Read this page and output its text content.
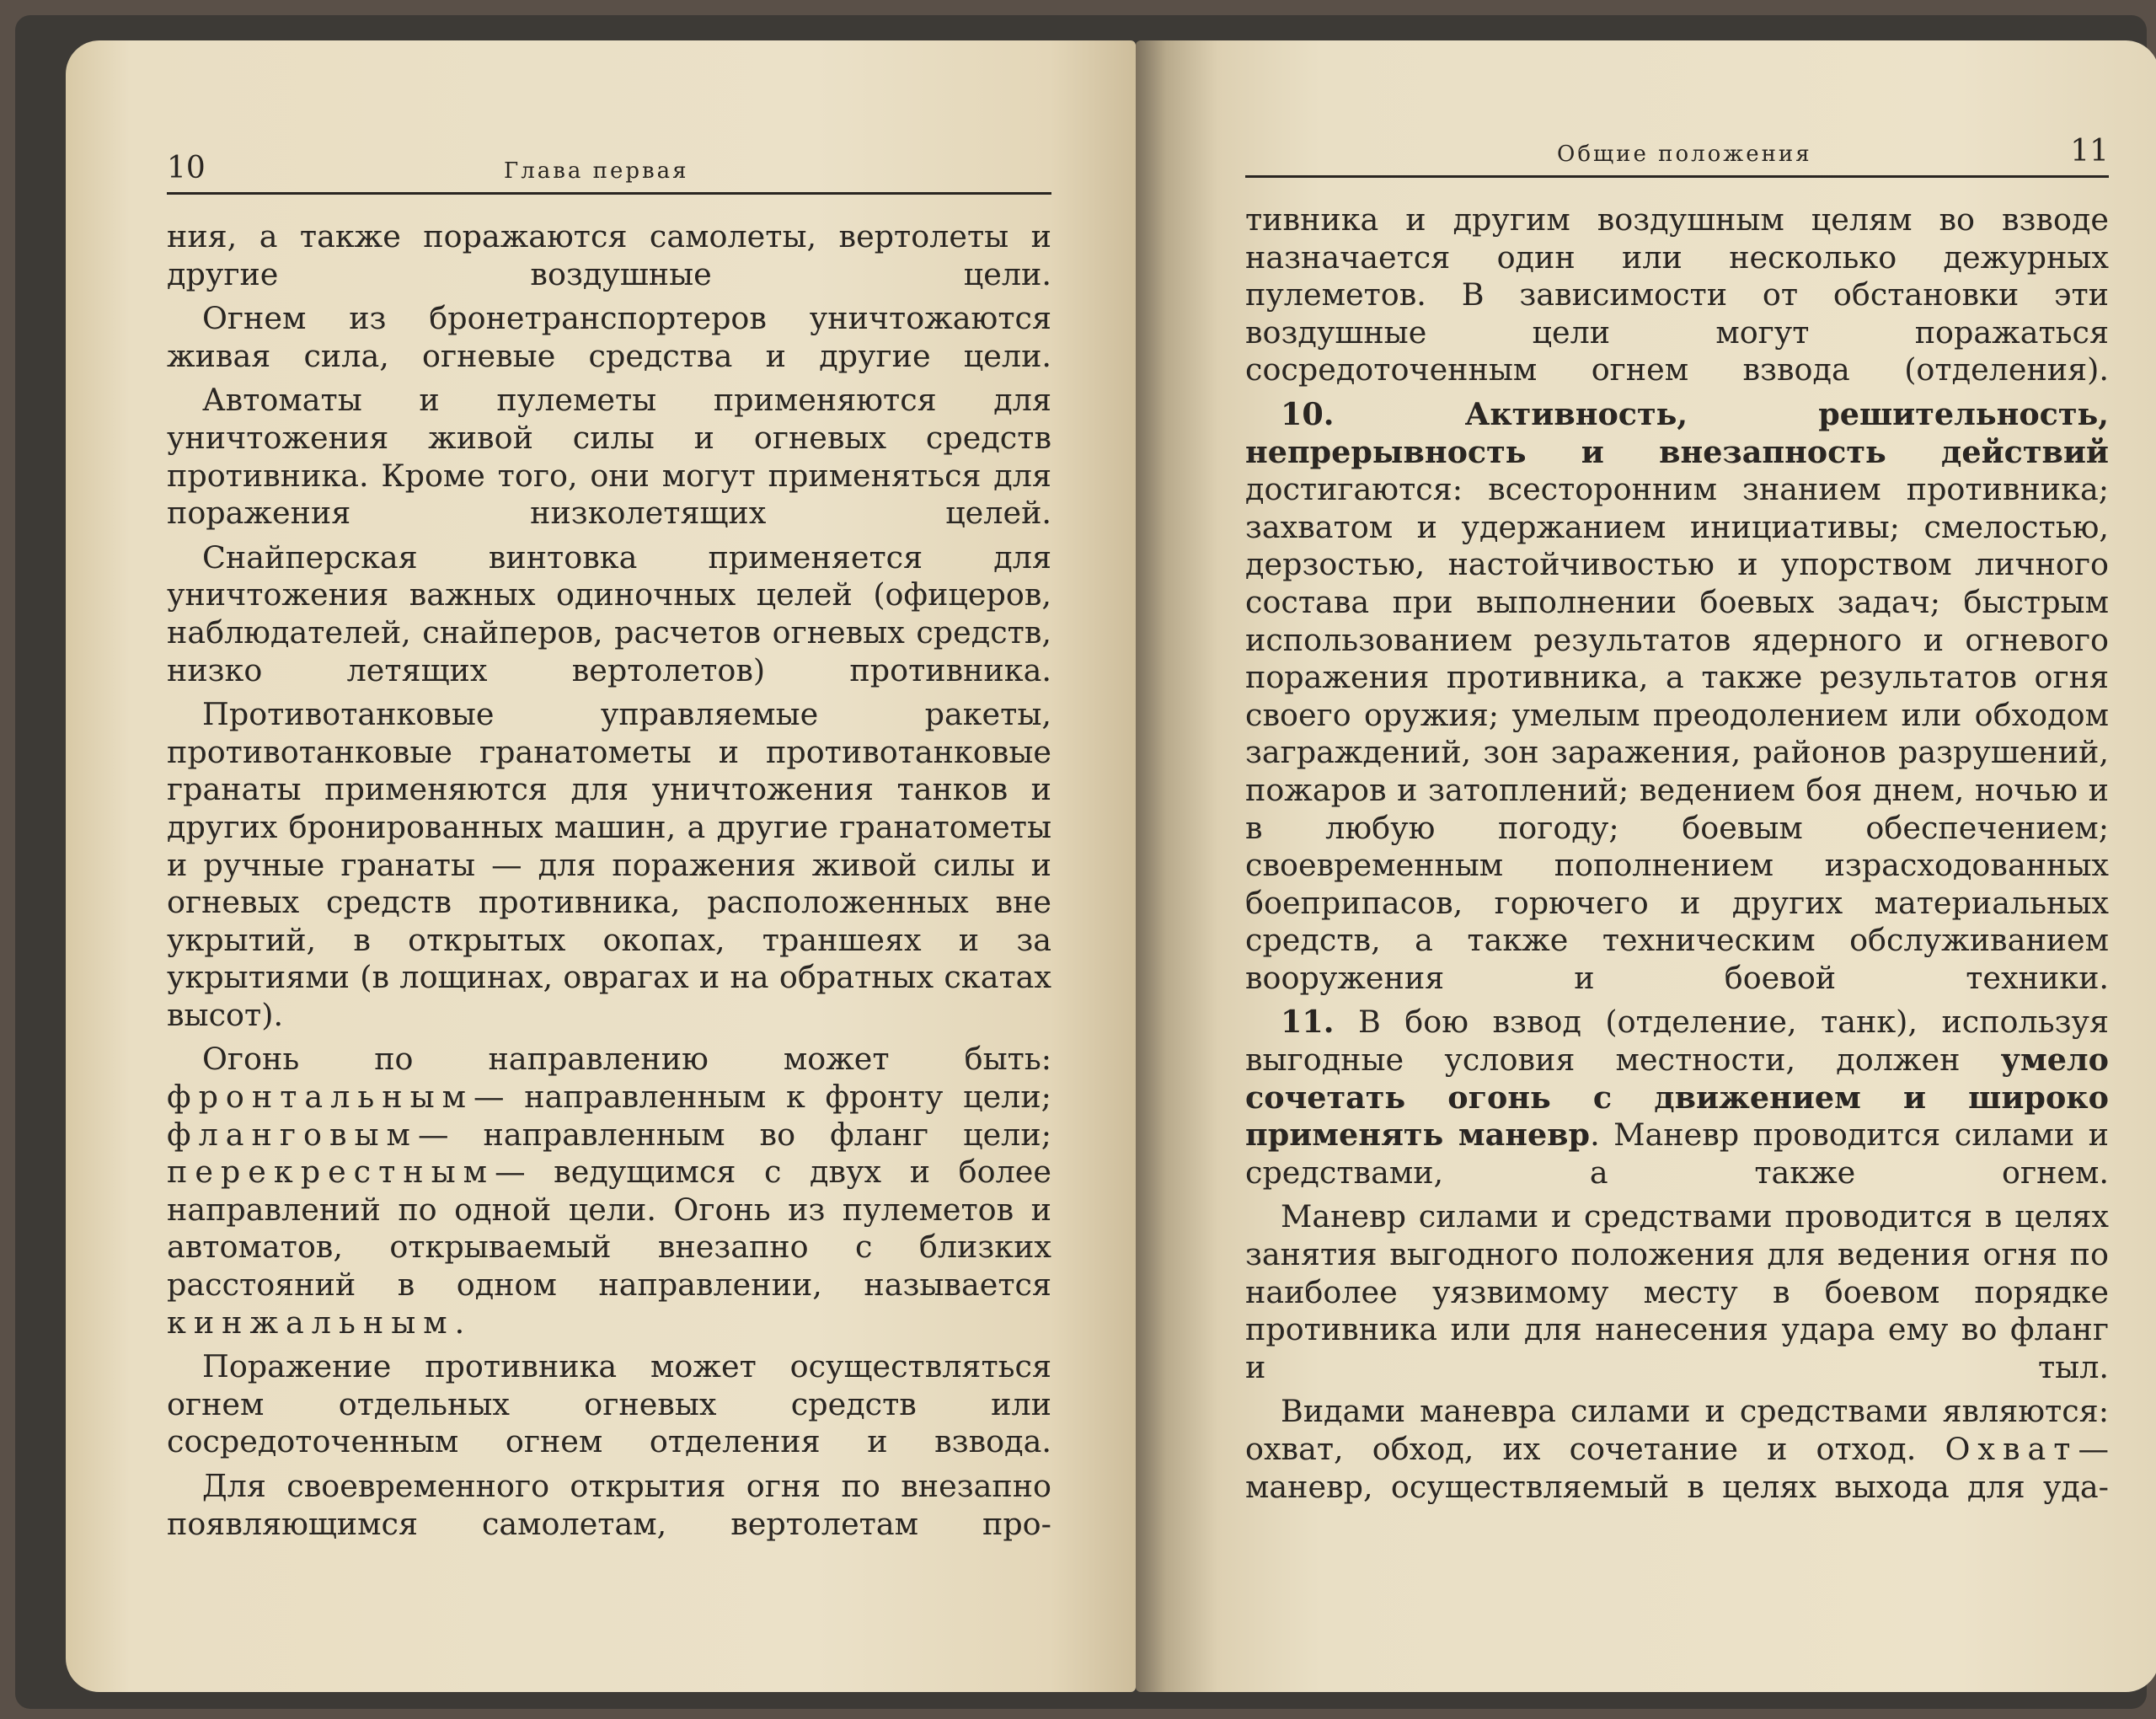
10	Глава первая

ния, а также поражаются самолеты, вертолеты и другие воздушные цели.

Огнем из бронетранспортеров уничтожаются живая сила, огневые средства и другие цели.

Автоматы и пулеметы применяются для уничтожения живой силы и огневых средств противника. Кроме того, они могут применяться для поражения низколетящих целей.

Снайперская винтовка применяется для уничтожения важных одиночных целей (офицеров, наблюдателей, снайперов, расчетов огневых средств, низко летящих вертолетов) противника.

Противотанковые управляемые ракеты, противотанковые гранатометы и противотанковые гранаты применяются для уничтожения танков и других бронированных машин, а другие гранатометы и ручные гранаты — для поражения живой силы и огневых средств противника, расположенных вне укрытий, в открытых окопах, траншеях и за укрытиями (в лощинах, оврагах и на обратных скатах высот).

Огонь по направлению может быть: фронтальным— направленным к фронту цели; фланговым— направленным во фланг цели; перекрестным— ведущимся с двух и более направлений по одной цели. Огонь из пулеметов и автоматов, открываемый внезапно с близких расстояний в одном направлении, называется кинжальным.

Поражение противника может осуществляться огнем отдельных огневых средств или сосредоточенным огнем отделения и взвода.

Для своевременного открытия огня по внезапно появляющимся самолетам, вертолетам про-

Общие положения	11

тивника и другим воздушным целям во взводе назначается один или несколько дежурных пулеметов. В зависимости от обстановки эти воздушные цели могут поражаться сосредоточенным огнем взвода (отделения).

10. Активность, решительность, непрерывность и внезапность действий достигаются: всесторонним знанием противника; захватом и удержанием инициативы; смелостью, дерзостью, настойчивостью и упорством личного состава при выполнении боевых задач; быстрым использованием результатов ядерного и огневого поражения противника, а также результатов огня своего оружия; умелым преодолением или обходом заграждений, зон заражения, районов разрушений, пожаров и затоплений; ведением боя днем, ночью и в любую погоду; боевым обеспечением; своевременным пополнением израсходованных боеприпасов, горючего и других материальных средств, а также техническим обслуживанием вооружения и боевой техники.

11. В бою взвод (отделение, танк), используя выгодные условия местности, должен умело сочетать огонь с движением и широко применять маневр. Маневр проводится силами и средствами, а также огнем.

Маневр силами и средствами проводится в целях занятия выгодного положения для ведения огня по наиболее уязвимому месту в боевом порядке противника или для нанесения удара ему во фланг и тыл.

Видами маневра силами и средствами являются: охват, обход, их сочетание и отход. Охват— маневр, осуществляемый в целях выхода для уда-
